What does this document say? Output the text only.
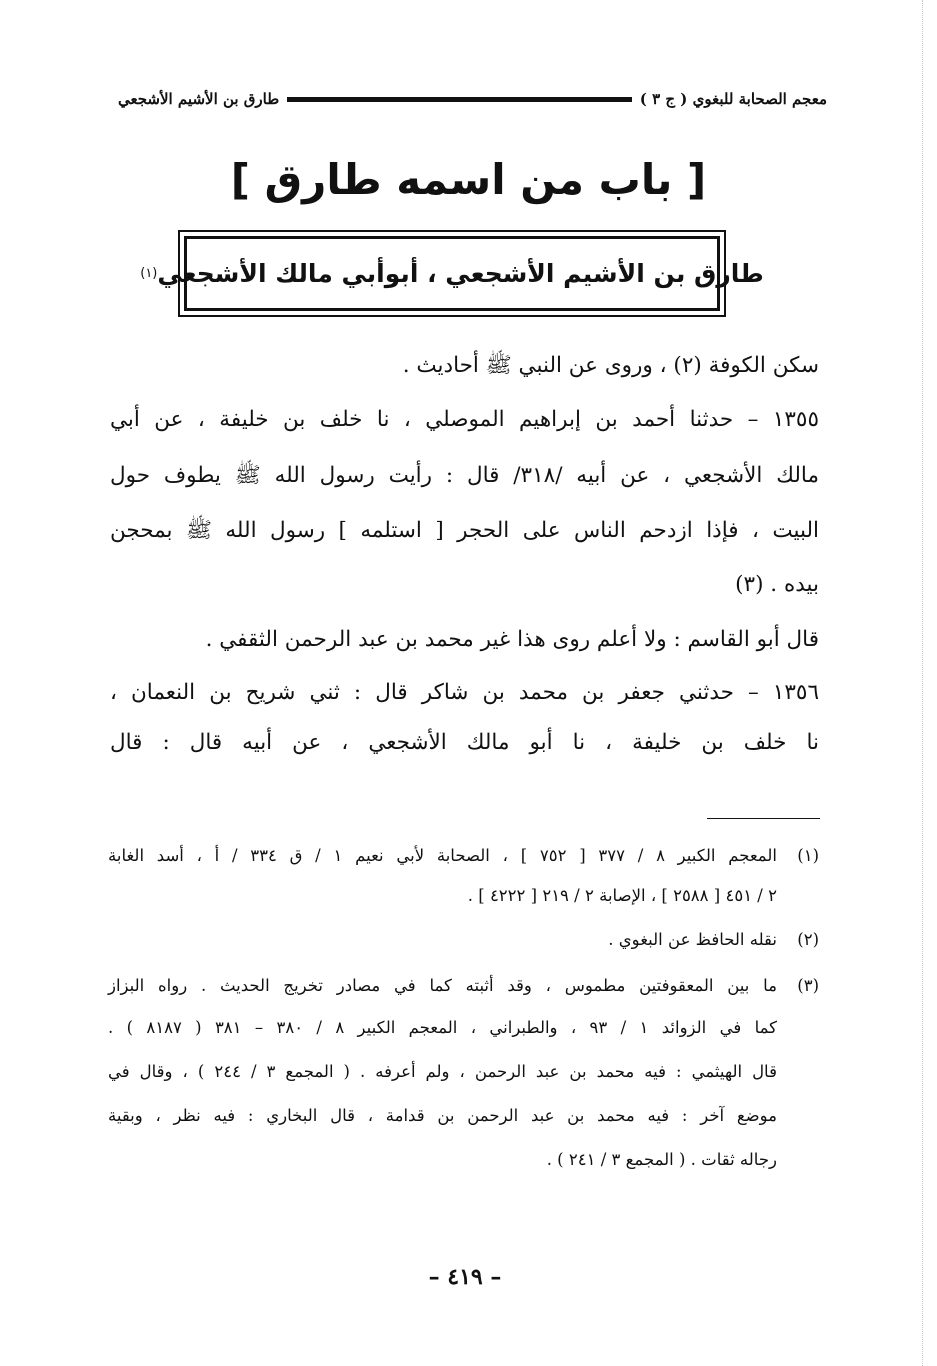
معجم الصحابة للبغوي ( ج ٣ )
طارق بن الأشيم الأشجعي
[ باب من اسمه طارق ]
طارق بن الأشيم الأشجعي ، أبوأبي مالك الأشجعي
(١)
سكن الكوفة (٢) ، وروى عن النبي ﷺ أحاديث .
١٣٥٥ – حدثنا أحمد بن إبراهيم الموصلي ، نا خلف بن خليفة ، عن أبي
مالك الأشجعي ، عن أبيه /٣١٨/ قال : رأيت رسول الله ﷺ يطوف حول
البيت ، فإذا ازدحم الناس على الحجر [ استلمه ] رسول الله ﷺ بمحجن
بيده . (٣)
قال أبو القاسم : ولا أعلم روى هذا غير محمد بن عبد الرحمن الثقفي .
١٣٥٦ – حدثني جعفر بن محمد بن شاكر قال : ثني شريح بن النعمان ،
نا خلف بن خليفة ، نا أبو مالك الأشجعي ، عن أبيه قال : قال
(١)
المعجم الكبير ٨ / ٣٧٧ [ ٧٥٢ ] ، الصحابة لأبي نعيم ١ / ق ٣٣٤ / أ ، أسد الغابة
٢ / ٤٥١ [ ٢٥٨٨ ] ، الإصابة ٢ / ٢١٩ [ ٤٢٢٢ ] .
(٢)
نقله الحافظ عن البغوي .
(٣)
ما بين المعقوفتين مطموس ، وقد أثبته كما في مصادر تخريج الحديث . رواه البزاز
كما في الزوائد ١ / ٩٣ ، والطبراني ، المعجم الكبير ٨ / ٣٨٠ – ٣٨١ ( ٨١٨٧ ) .
قال الهيثمي : فيه محمد بن عبد الرحمن ، ولم أعرفه . ( المجمع ٣ / ٢٤٤ ) ، وقال في
موضع آخر : فيه محمد بن عبد الرحمن بن قدامة ، قال البخاري : فيه نظر ، وبقية
رجاله ثقات . ( المجمع ٣ / ٢٤١ ) .
– ٤١٩ –
